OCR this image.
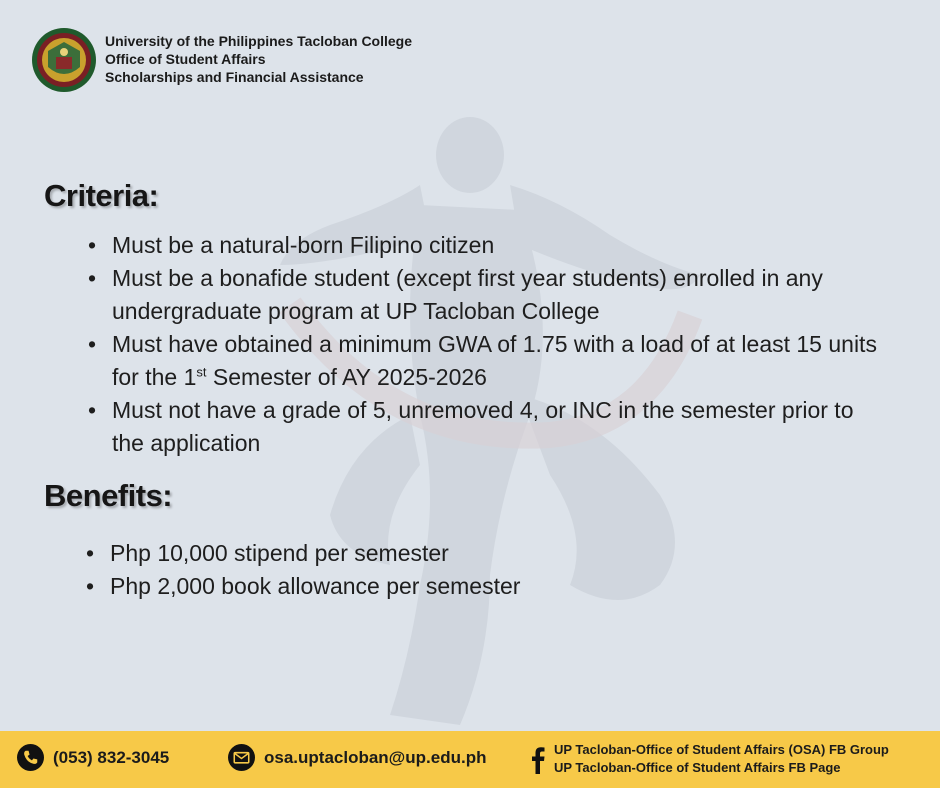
University of the Philippines Tacloban College
Office of Student Affairs
Scholarships and Financial Assistance
Criteria:
• Must be a natural-born Filipino citizen
• Must be a bonafide student (except first year students) enrolled in any undergraduate program at UP Tacloban College
• Must have obtained a minimum GWA of 1.75 with a load of at least 15 units for the 1st Semester of AY 2025-2026
• Must not have a grade of 5, unremoved 4, or INC in the semester prior to the application
Benefits:
• Php 10,000 stipend per semester
• Php 2,000 book allowance per semester
(053) 832-3045	osa.uptacloban@up.edu.ph	UP Tacloban-Office of Student Affairs (OSA) FB Group
UP Tacloban-Office of Student Affairs FB Page
